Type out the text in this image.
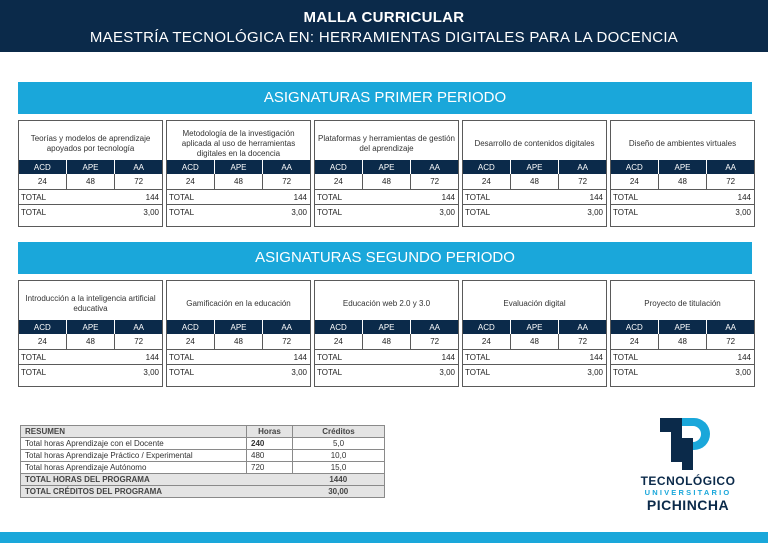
MALLA CURRICULAR
MAESTRÍA TECNOLÓGICA EN: HERRAMIENTAS DIGITALES PARA LA DOCENCIA
ASIGNATURAS PRIMER PERIODO
Teorías y modelos de aprendizaje apoyados por tecnología
ACD	APE	AA
24	48	72
TOTAL		144
TOTAL		3,00
Metodología de la investigación aplicada al uso de herramientas digitales en la docencia
ACD	APE	AA
24	48	72
TOTAL		144
TOTAL		3,00
Plataformas y herramientas de gestión del aprendizaje
ACD	APE	AA
24	48	72
TOTAL		144
TOTAL		3,00
Desarrollo de contenidos digitales
ACD	APE	AA
24	48	72
TOTAL		144
TOTAL		3,00
Diseño de ambientes virtuales
ACD	APE	AA
24	48	72
TOTAL		144
TOTAL		3,00
ASIGNATURAS SEGUNDO PERIODO
Introducción a la inteligencia artificial educativa
ACD	APE	AA
24	48	72
TOTAL		144
TOTAL		3,00
Gamificación en la educación
ACD	APE	AA
24	48	72
TOTAL		144
TOTAL		3,00
Educación web 2.0 y 3.0
ACD	APE	AA
24	48	72
TOTAL		144
TOTAL		3,00
Evaluación digital
ACD	APE	AA
24	48	72
TOTAL		144
TOTAL		3,00
Proyecto de titulación
ACD	APE	AA
24	48	72
TOTAL		144
TOTAL		3,00
RESUMEN	Horas	Créditos
Total horas Aprendizaje con el Docente	240	5,0
Total horas Aprendizaje Práctico / Experimental	480	10,0
Total horas Aprendizaje Autónomo	720	15,0
TOTAL HORAS DEL PROGRAMA		1440
TOTAL CRÉDITOS DEL PROGRAMA		30,00
TECNOLÓGICO
UNIVERSITARIO
PICHINCHA
